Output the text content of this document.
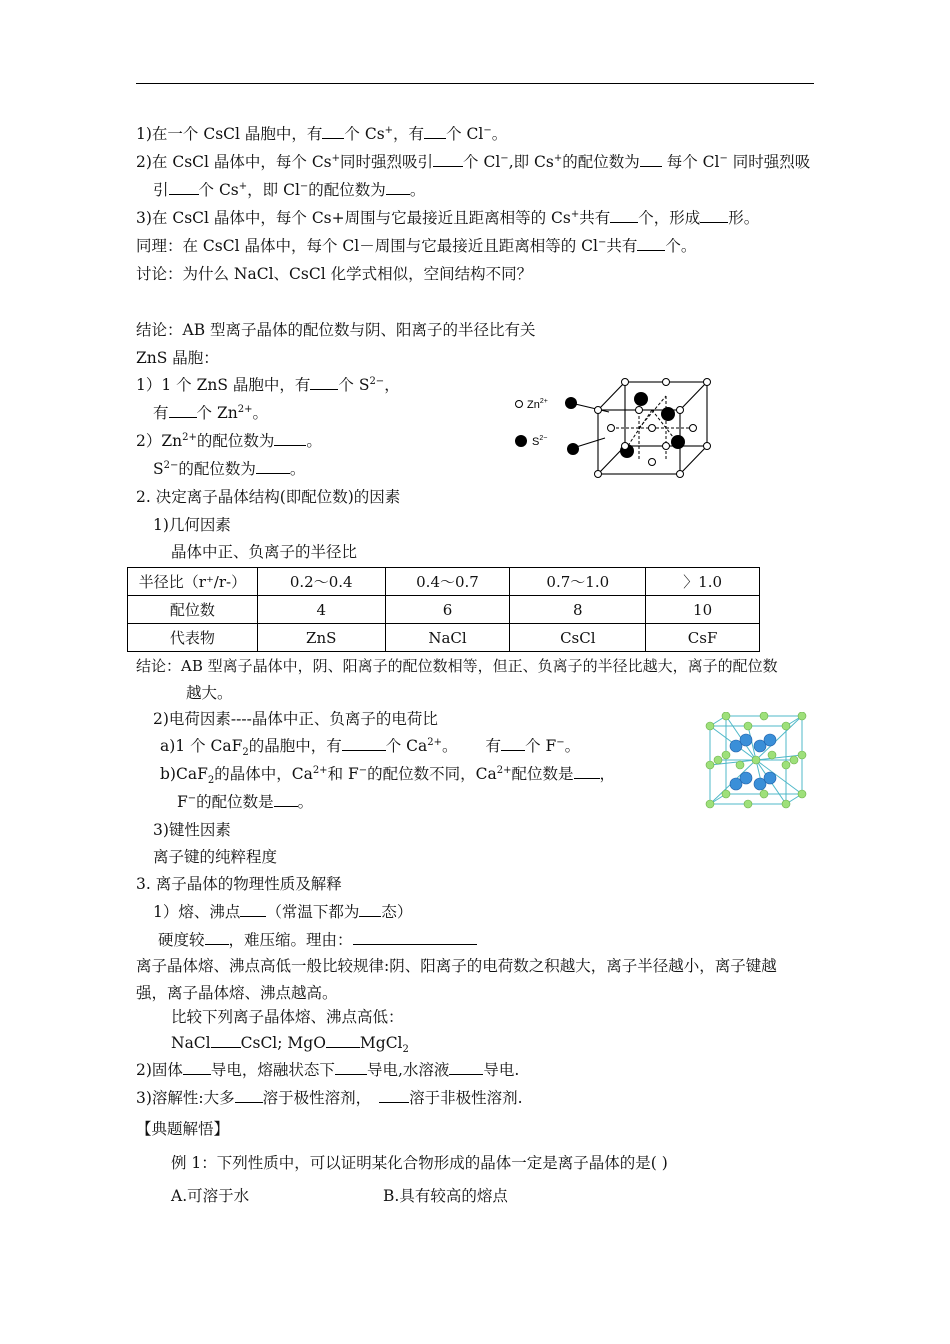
1)在一个 CsCl 晶胞中，有 个 Cs+，有 个 Cl−。
2)在 CsCl 晶体中，每个 Cs+同时强烈吸引 个 Cl−,即 Cs+的配位数为 每个 Cl− 同时强烈吸
引 个 Cs+，即 Cl−的配位数为 。
3)在 CsCl 晶体中，每个 Cs+周围与它最接近且距离相等的 Cs+共有 个，形成 形。
同理：在 CsCl 晶体中，每个 Cl－周围与它最接近且距离相等的 Cl−共有 个。
讨论：为什么 NaCl、CsCl 化学式相似，空间结构不同？
结论：AB 型离子晶体的配位数与阴、阳离子的半径比有关
ZnS 晶胞：
1）1 个 ZnS 晶胞中，有 个 $S^{2-}$，
有 个 $Zn^{2+}$。
$2)Zn^{2+}$的配位数为 。
$S^{2-}$的配位数为 。
$Zn^{2+}$
$S^{2-}$
2. 决定离子晶体结构(即配位数)的因素
1)几何因素
晶体中正、负离子的半径比
半径比（r⁺/r-）	0.2～0.4	0.4～0.7	0.7～1.0	〉1.0
配位数	4	6	8	10
代表物	ZnS	NaCl	CsCl	CsF
结论：AB 型离子晶体中，阴、阳离子的配位数相等，但正、负离子的半径比越大，离子的配位数
越大。
2)电荷因素----晶体中正、负离子的电荷比
a)1 个 CaF$_2$的晶胞中，有	个 $Ca^{2+}$。 有 个 F−。
b)CaF$_2$的晶体中，$Ca^{2+}$和 F−的配位数不同，$Ca^{2+}$配位数是 ，
F−的配位数是 。
3)键性因素
离子键的纯粹程度
3. 离子晶体的物理性质及解释
1）熔、沸点 （常温下都为 态）
硬度较 ，难压缩。理由：
离子晶体熔、沸点高低一般比较规律:阴、阳离子的电荷数之积越大，离子半径越小，离子键越
强，离子晶体熔、沸点越高。
比较下列离子晶体熔、沸点高低：
NaCl CsCl; MgO MgCl$_2$
2)固体 导电，熔融状态下 导电,水溶液 导电.
3)溶解性:大多 溶于极性溶剂， 溶于非极性溶剂.
【典题解悟】
例 1：下列性质中，可以证明某化合物形成的晶体一定是离子晶体的是( )
A.可溶于水	B.具有较高的熔点
